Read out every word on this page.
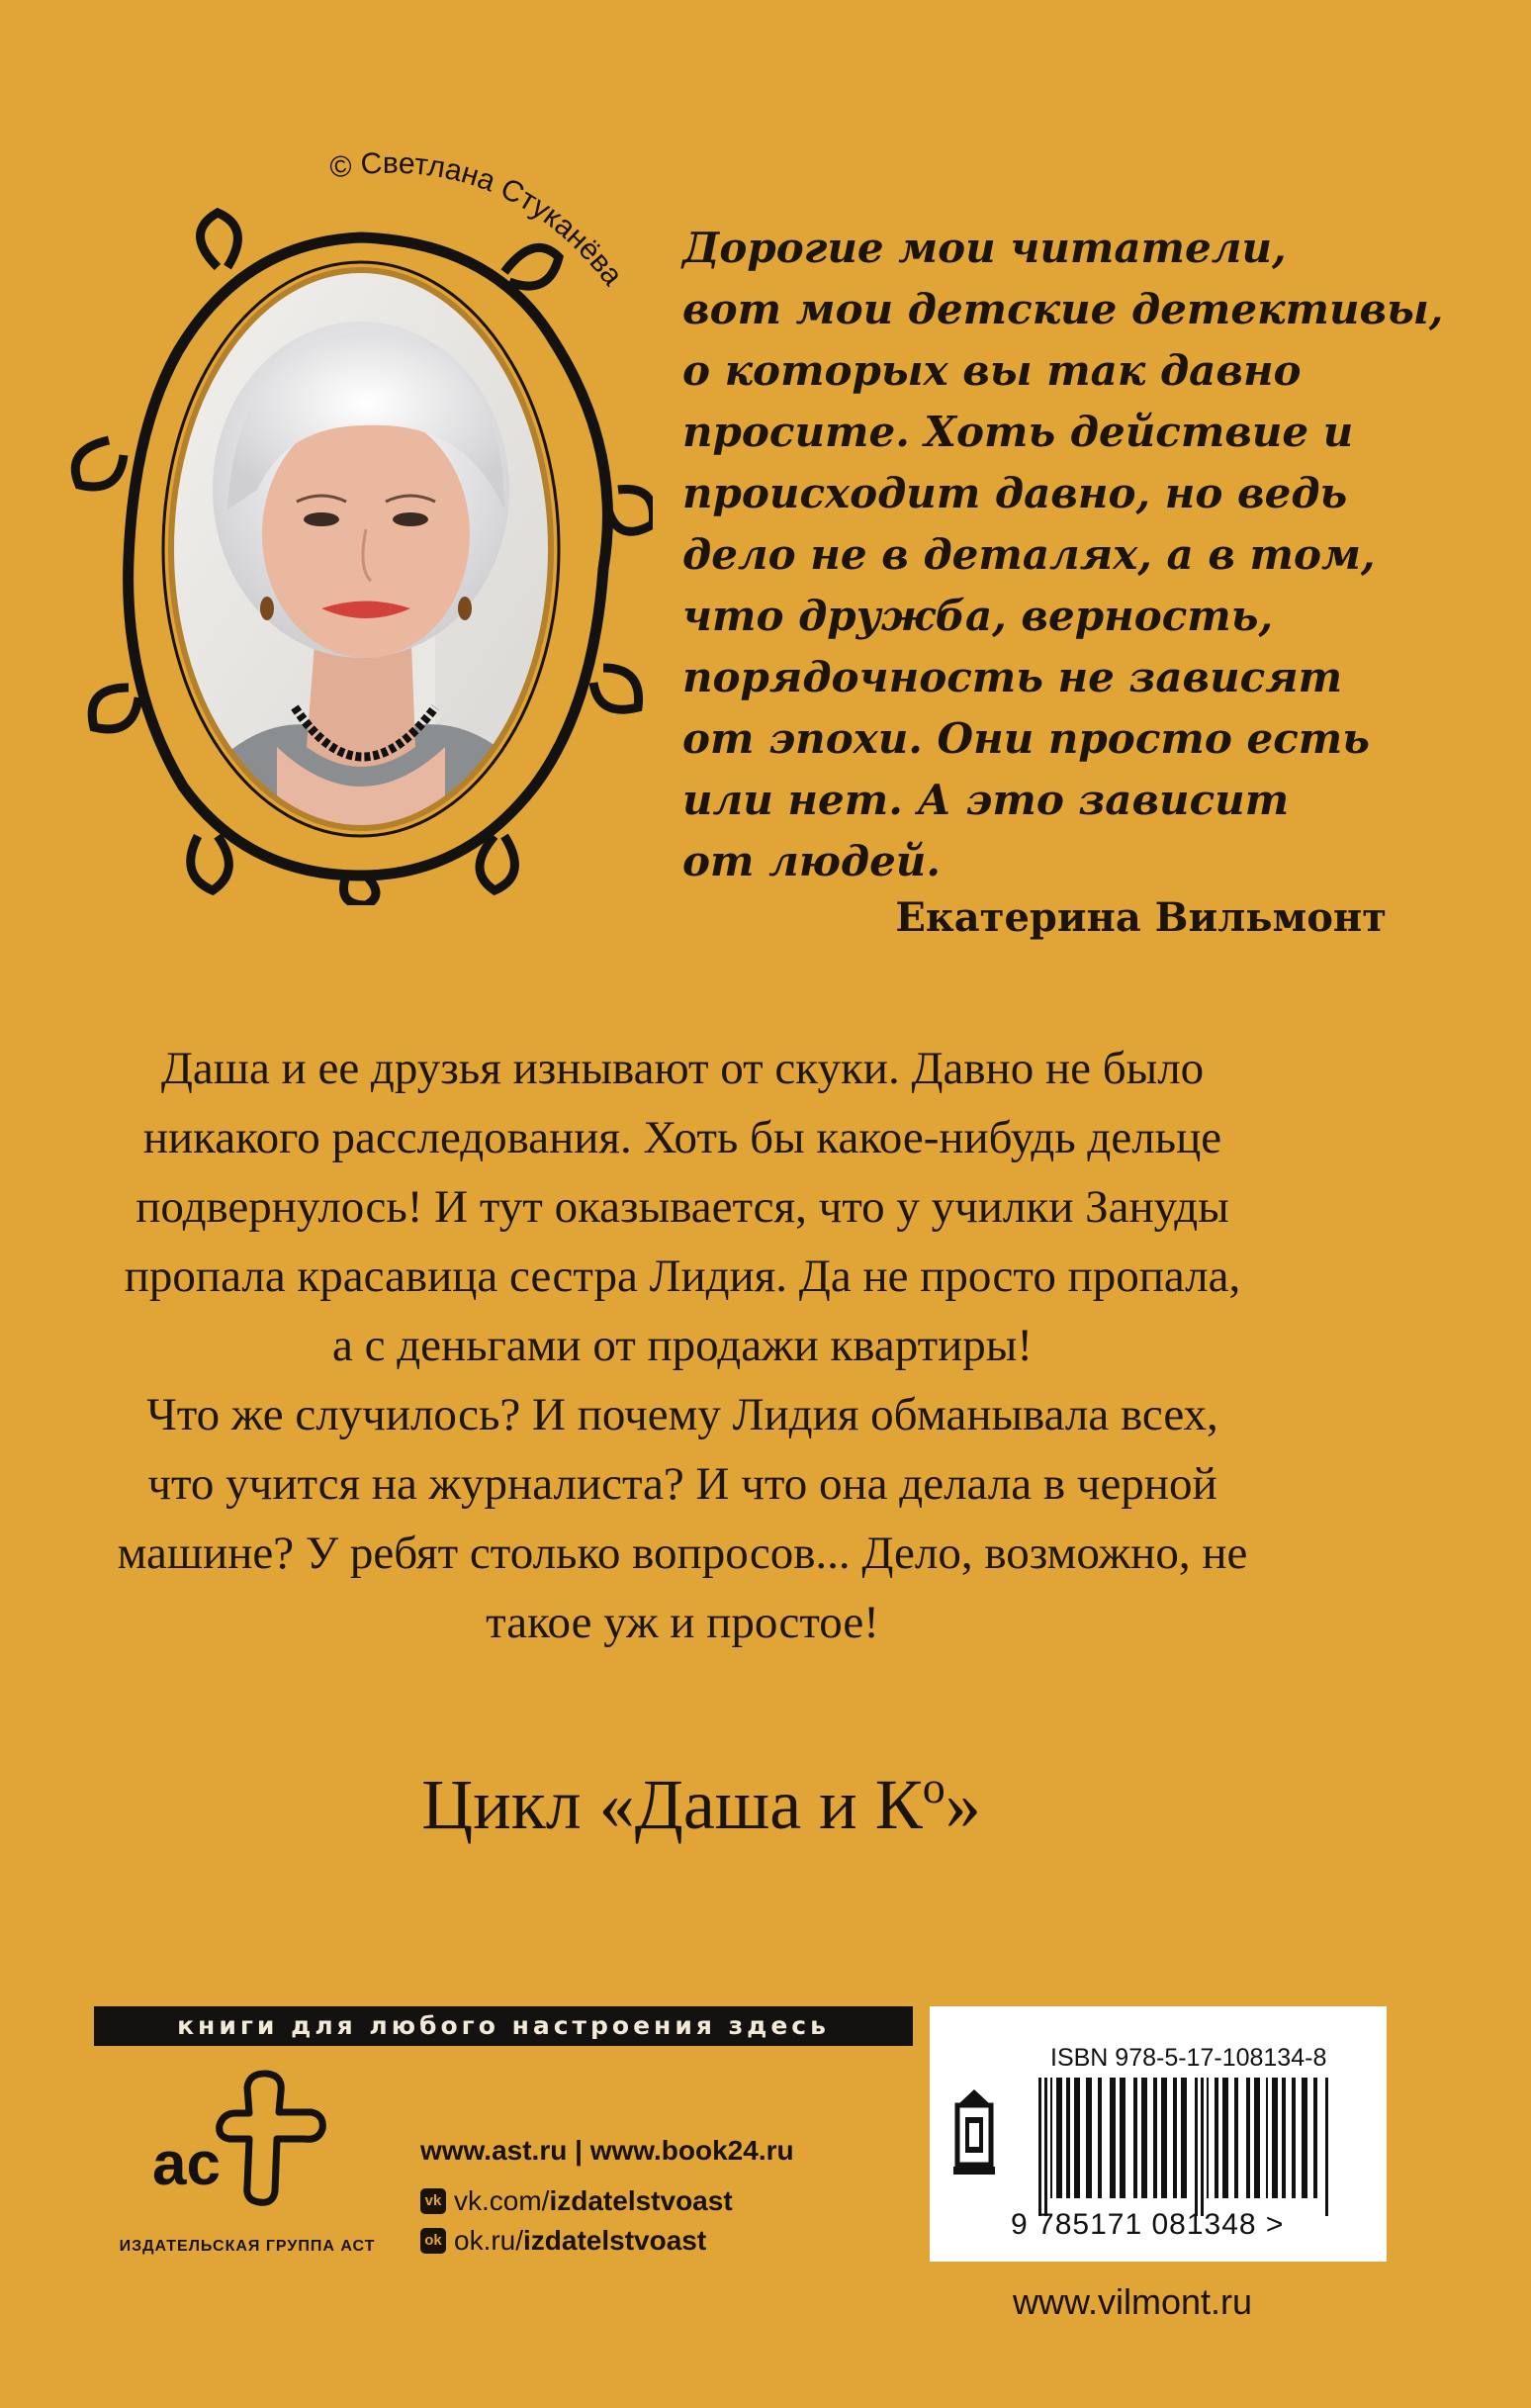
© Светлана Стуканёва
Дорогие мои читатели,
вот мои детские детективы,
о которых вы так давно
просите. Хоть действие и
происходит давно, но ведь
дело не в деталях, а в том,
что дружба, верность,
порядочность не зависят
от эпохи. Они просто есть
или нет. А это зависит
от людей.
Екатерина Вильмонт
Даша и ее друзья изнывают от скуки. Давно не было
никакого расследования. Хоть бы какое-нибудь дельце
подвернулось! И тут оказывается, что у училки Зануды
пропала красавица сестра Лидия. Да не просто пропала,
а с деньгами от продажи квартиры!
Что же случилось? И почему Лидия обманывала всех,
что учится на журналиста? И что она делала в черной
машине? У ребят столько вопросов... Дело, возможно, не
такое уж и простое!
Цикл «Даша и $К^о$»
книги для любого настроения здесь
ac
ИЗДАТЕЛЬСКАЯ ГРУППА АСТ
www.ast.ru | www.book24.ru
vk vk.com/ izdatelstvoast
ok ok.ru/ izdatelstvoast
ISBN 978-5-17-108134-8
9 785171 081348 >
www.vilmont.ru
